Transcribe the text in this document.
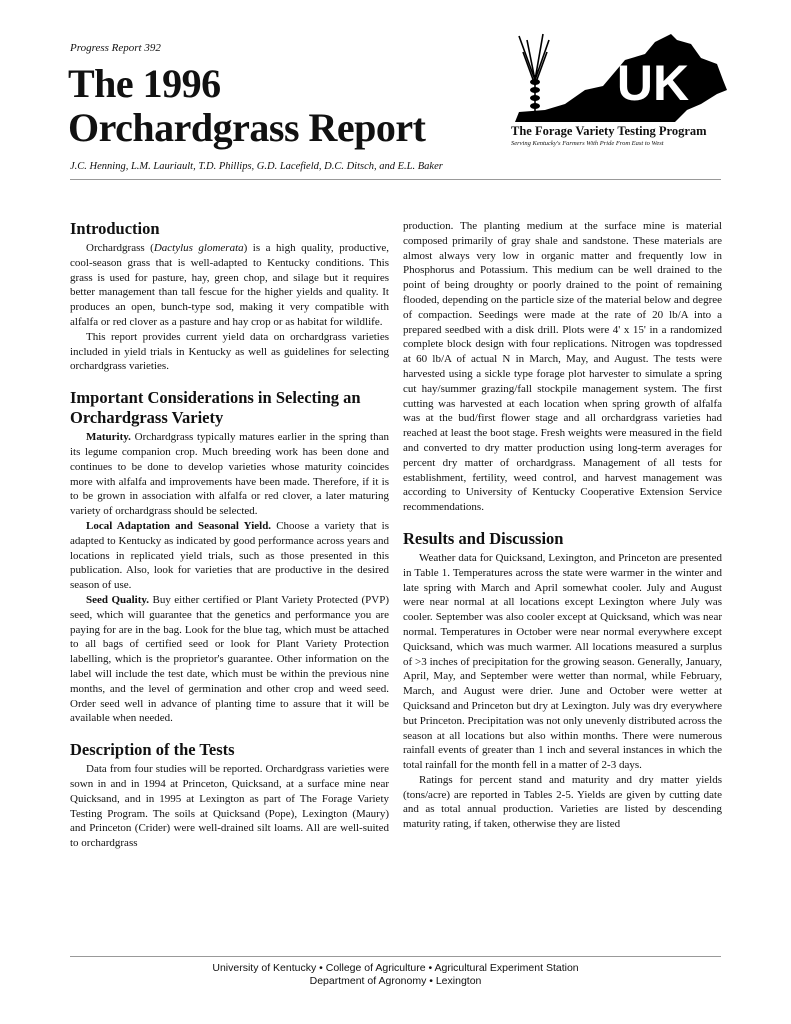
Progress Report 392
The 1996
Orchardgrass Report
UK
The Forage Variety Testing Program
Serving Kentucky's Farmers With Pride From East to West
J.C. Henning, L.M. Lauriault, T.D. Phillips, G.D. Lacefield, D.C. Ditsch, and E.L. Baker
Introduction

Orchardgrass (Dactylus glomerata) is a high quality, productive, cool-season grass that is well-adapted to Kentucky conditions. This grass is used for pasture, hay, green chop, and silage but it requires better management than tall fescue for the higher yields and quality. It produces an open, bunch-type sod, making it very compatible with alfalfa or red clover as a pasture and hay crop or as habitat for wildlife.

This report provides current yield data on orchardgrass varieties included in yield trials in Kentucky as well as guidelines for selecting orchardgrass varieties.

Important Considerations in Selecting an Orchardgrass Variety

Maturity. Orchardgrass typically matures earlier in the spring than its legume companion crop. Much breeding work has been done and continues to be done to develop varieties whose maturity coincides more with alfalfa and improvements have been made. Therefore, if it is to be grown in association with alfalfa or red clover, a later maturing variety of orchardgrass should be selected.

Local Adaptation and Seasonal Yield. Choose a variety that is adapted to Kentucky as indicated by good performance across years and locations in replicated yield trials, such as those presented in this publication. Also, look for varieties that are productive in the desired season of use.

Seed Quality. Buy either certified or Plant Variety Protected (PVP) seed, which will guarantee that the genetics and performance you are paying for are in the bag. Look for the blue tag, which must be attached to all bags of certified seed or look for Plant Variety Protection labelling, which is the proprietor's guarantee. Other information on the label will include the test date, which must be within the previous nine months, and the level of germination and other crop and weed seed. Order seed well in advance of planting time to assure that it will be available when needed.

Description of the Tests

Data from four studies will be reported. Orchardgrass varieties were sown in and in 1994 at Princeton, Quicksand, at a surface mine near Quicksand, and in 1995 at Lexington as part of The Forage Variety Testing Program. The soils at Quicksand (Pope), Lexington (Maury) and Princeton (Crider) were well-drained silt loams. All are well-suited to orchardgrass

production. The planting medium at the surface mine is material composed primarily of gray shale and sandstone. These materials are almost always very low in organic matter and frequently low in Phosphorus and Potassium. This medium can be well drained to the point of being droughty or poorly drained to the point of remaining flooded, depending on the particle size of the material below and degree of compaction. Seedings were made at the rate of 20 lb/A into a prepared seedbed with a disk drill. Plots were 4' x 15' in a randomized complete block design with four replications. Nitrogen was topdressed at 60 lb/A of actual N in March, May, and August. The tests were harvested using a sickle type forage plot harvester to simulate a spring cut hay/summer grazing/fall stockpile management system. The first cutting was harvested at each location when spring growth of alfalfa was at the bud/first flower stage and all orchardgrass varieties had reached at least the boot stage. Fresh weights were measured in the field and converted to dry matter production using long-term averages for percent dry matter of orchardgrass. Management of all tests for establishment, fertility, weed control, and harvest management was according to University of Kentucky Cooperative Extension Service recommendations.

Results and Discussion

Weather data for Quicksand, Lexington, and Princeton are presented in Table 1. Temperatures across the state were warmer in the winter and late spring with March and April somewhat cooler. July and August were near normal at all locations except Lexington where July was cooler. September was also cooler except at Quicksand, which was near normal. Temperatures in October were near normal everywhere except Quicksand, which was much warmer. All locations measured a surplus of >3 inches of precipitation for the growing season. Generally, January, April, May, and September were wetter than normal, while February, March, and August were drier. June and October were wetter at Quicksand and Princeton but dry at Lexington. July was dry everywhere but Princeton. Precipitation was not only unevenly distributed across the season at all locations but also within months. There were numerous rainfall events of greater than 1 inch and several instances in which the total rainfall for the month fell in a matter of 2-3 days.

Ratings for percent stand and maturity and dry matter yields (tons/acre) are reported in Tables 2-5. Yields are given by cutting date and as total annual production. Varieties are listed by descending maturity rating, if taken, otherwise they are listed

University of Kentucky • College of Agriculture • Agricultural Experiment Station
Department of Agronomy • Lexington
